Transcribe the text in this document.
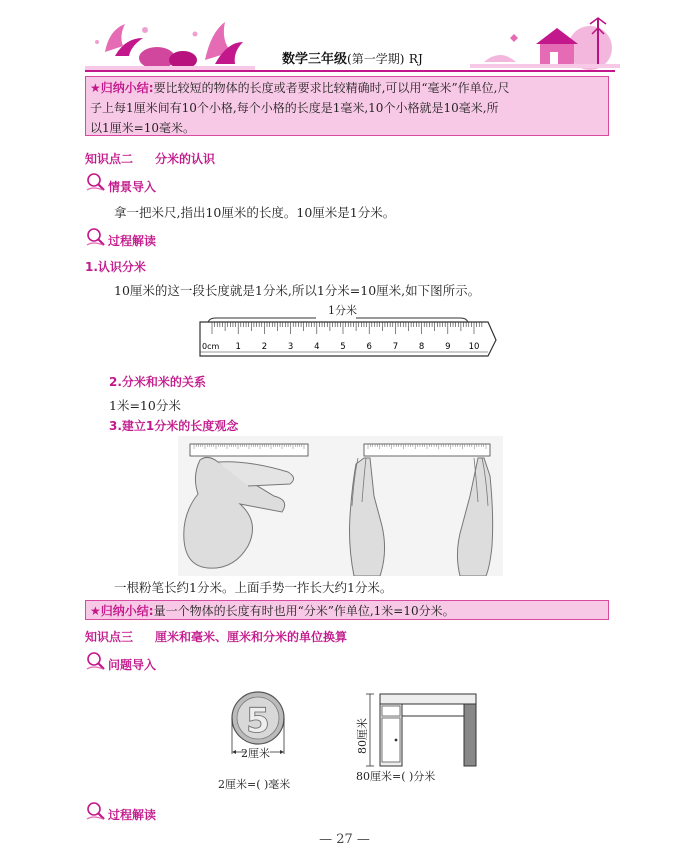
数学三年级(第一学期) RJ
★归纳小结:要比较短的物体的长度或者要求比较精确时,可以用“毫米”作单位,尺
子上每1厘米间有10个小格,每个小格的长度是1毫米,10个小格就是10毫米,所
以1厘米=10毫米。
知识点二 分米的认识
情景导入
拿一把米尺,指出10厘米的长度。10厘米是1分米。
过程解读
1.认识分米
10厘米的这一段长度就是1分米,所以1分米=10厘米,如下图所示。
1分米
0cm 1 2 3 4 5 6 7 8 9 10
2.分米和米的关系
1米=10分米
3.建立1分米的长度观念
一根粉笔长约1分米。上面手势一拃长大约1分米。
★归纳小结:量一个物体的长度有时也用“分米”作单位,1米=10分米。
知识点三 厘米和毫米、厘米和分米的单位换算
问题导入
5
2厘米
2厘米=( )毫米
80厘米
80厘米=( )分米
过程解读
— 27 —
